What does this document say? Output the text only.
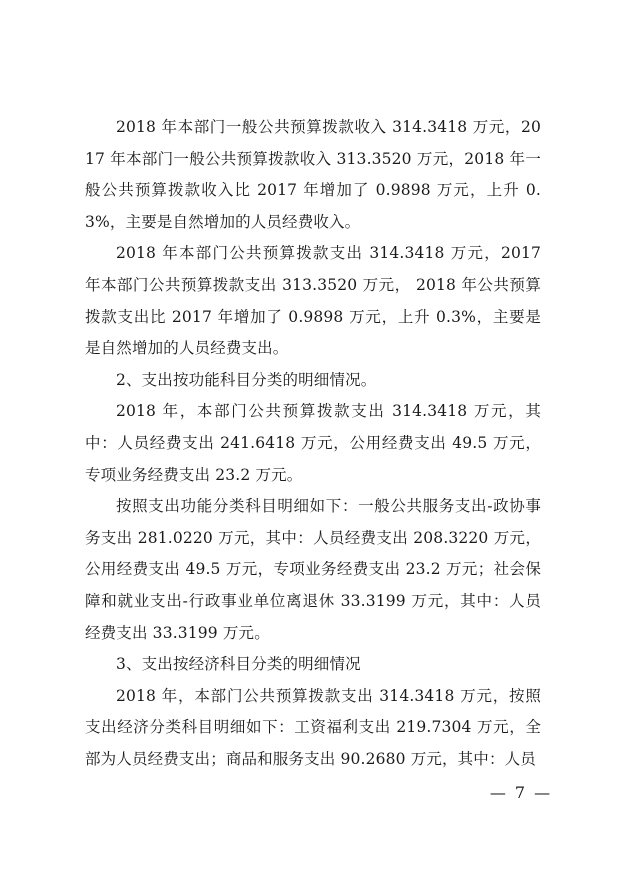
2018 年本部门一般公共预算拨款收入 314.3418 万元，2017 年本部门一般公共预算拨款收入 313.3520 万元，2018 年一般公共预算拨款收入比 2017 年增加了 0.9898 万元，上升 0.3%，主要是自然增加的人员经费收入。

2018 年本部门公共预算拨款支出 314.3418 万元，2017 年本部门公共预算拨款支出 313.3520 万元， 2018 年公共预算拨款支出比 2017 年增加了 0.9898 万元，上升 0.3%，主要是是自然增加的人员经费支出。

2、支出按功能科目分类的明细情况。

2018 年，本部门公共预算拨款支出 314.3418 万元，其中：人员经费支出 241.6418 万元，公用经费支出 49.5 万元，专项业务经费支出 23.2 万元。

按照支出功能分类科目明细如下：一般公共服务支出-政协事务支出 281.0220 万元，其中：人员经费支出 208.3220 万元，公用经费支出 49.5 万元，专项业务经费支出 23.2 万元；社会保障和就业支出-行政事业单位离退休 33.3199 万元，其中：人员经费支出 33.3199 万元。

3、支出按经济科目分类的明细情况

2018 年，本部门公共预算拨款支出 314.3418 万元，按照支出经济分类科目明细如下：工资福利支出 219.7304 万元，全部为人员经费支出；商品和服务支出 90.2680 万元，其中：人员

— 7 —
